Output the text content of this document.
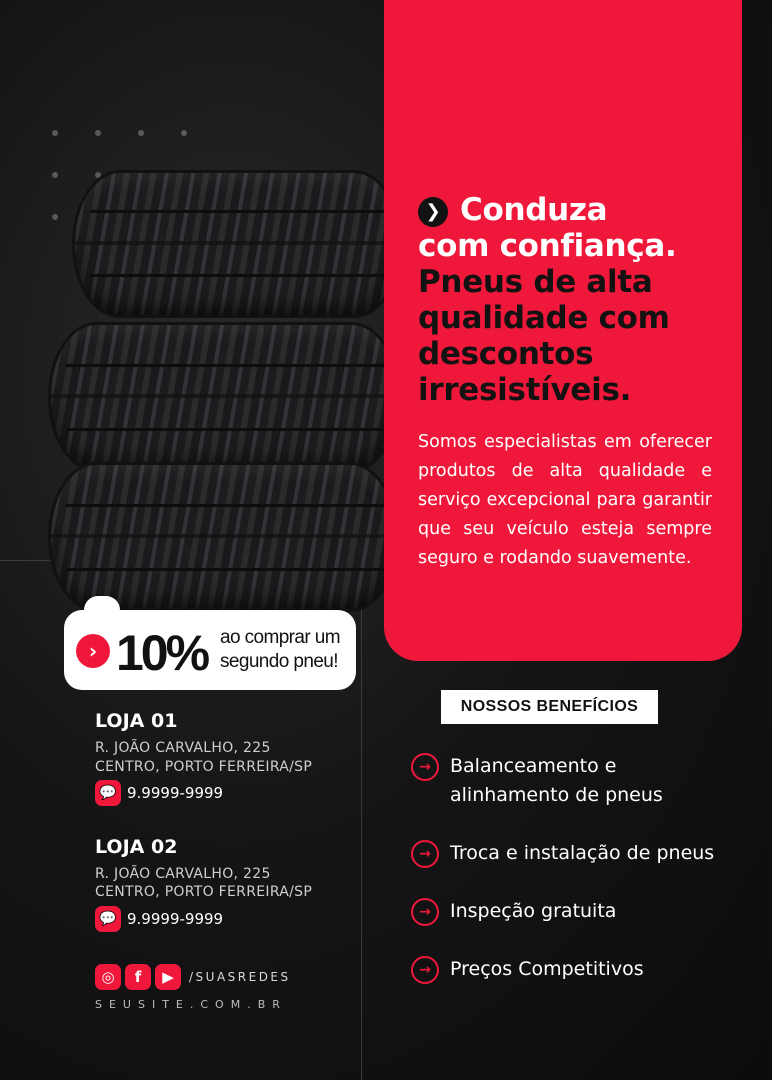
❯ Conduza
com confiança.
Pneus de alta
qualidade com
descontos
irresistíveis.
Somos especialistas em oferecer produtos de alta qualidade e serviço excepcional para garantir que seu veículo esteja sempre seguro e rodando suavemente.
› 10% ao comprar um
segundo pneu!
LOJA 01
R. JOÃO CARVALHO, 225
CENTRO, PORTO FERREIRA/SP
💬 9.9999-9999
LOJA 02
R. JOÃO CARVALHO, 225
CENTRO, PORTO FERREIRA/SP
💬 9.9999-9999
◎	f	▶	/SUASREDES
SEUSITE.COM.BR
NOSSOS BENEFÍCIOS
→	Balanceamento e
alinhamento de pneus
→	Troca e instalação de pneus
→	Inspeção gratuita
→	Preços Competitivos
